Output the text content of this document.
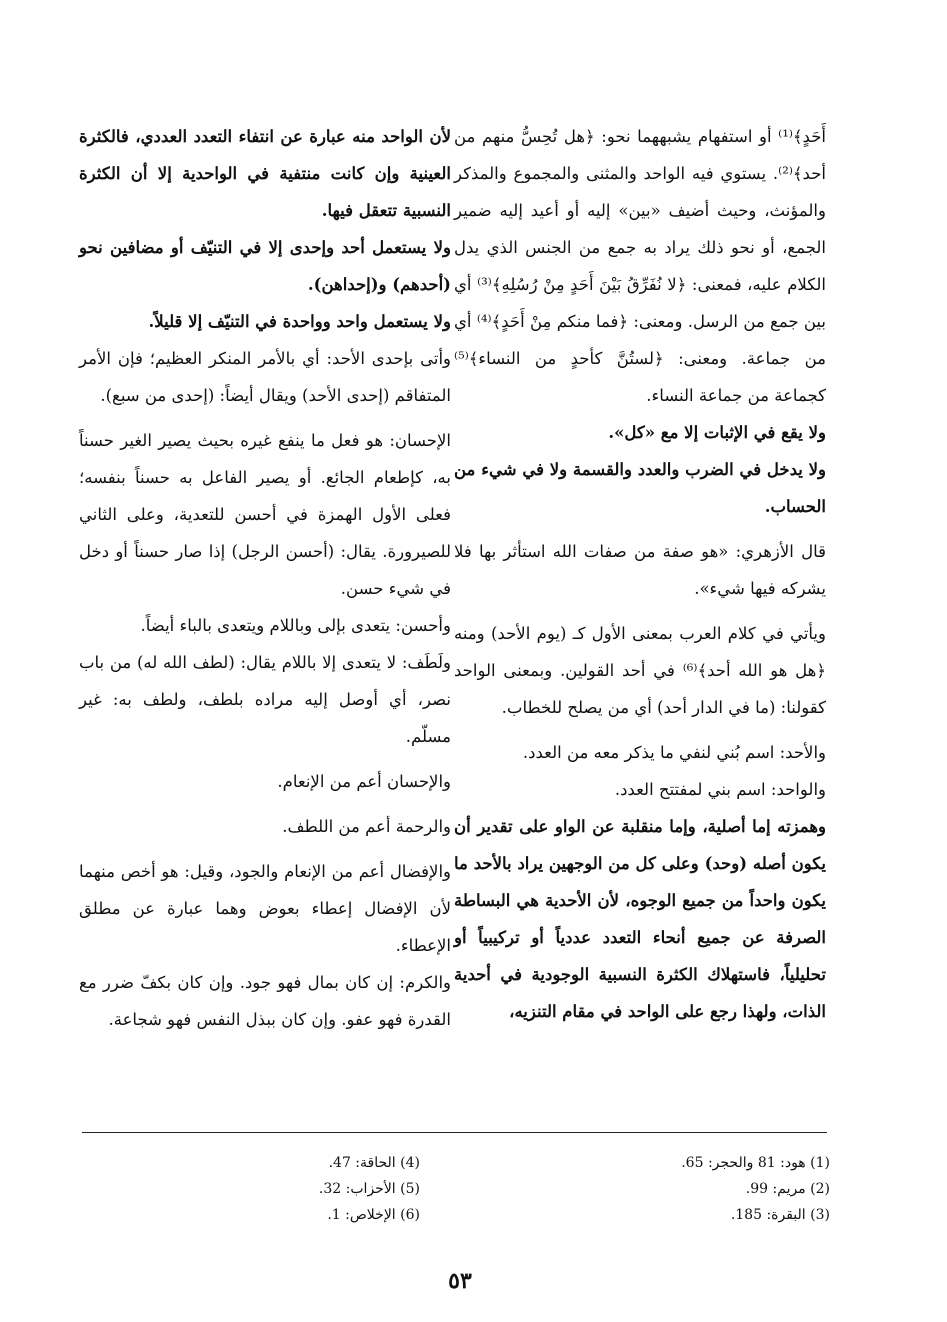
أَحَدٍ﴾⁽¹⁾ أو استفهام يشبههما نحو: ﴿هل تُحِسُّ منهم من أحد﴾⁽²⁾. يستوي فيه الواحد والمثنى والمجموع والمذكر والمؤنث، وحيث أضيف «بين» إليه أو أعيد إليه ضمير الجمع، أو نحو ذلك يراد به جمع من الجنس الذي يدل الكلام عليه، فمعنى: ﴿لا نُفَرِّقُ بَيْنَ أَحَدٍ مِنْ رُسُلِهِ﴾⁽³⁾ أي بين جمع من الرسل. ومعنى: ﴿فما منكم مِنْ أَحَدٍ﴾⁽⁴⁾ أي من جماعة. ومعنى: ﴿لستُنَّ كأحدٍ من النساء﴾⁽⁵⁾ كجماعة من جماعة النساء.

ولا يقع في الإثبات إلا مع «كل».

ولا يدخل في الضرب والعدد والقسمة ولا في شيء من الحساب.

قال الأزهري: «هو صفة من صفات الله استأثر بها فلا يشركه فيها شيء».

ويأتي في كلام العرب بمعنى الأول كـ (يوم الأحد) ومنه ﴿هل هو الله أحد﴾⁽⁶⁾ في أحد القولين. وبمعنى الواحد كقولنا: (ما في الدار أحد) أي من يصلح للخطاب.

والأحد: اسم بُني لنفي ما يذكر معه من العدد.

والواحد: اسم بني لمفتتح العدد.

وهمزته إما أصلية، وإما منقلبة عن الواو على تقدير أن يكون أصله (وحد) وعلى كل من الوجهين يراد بالأحد ما يكون واحداً من جميع الوجوه، لأن الأحدية هي البساطة الصرفة عن جميع أنحاء التعدد عددياً أو تركيبياً أو تحليلياً، فاستهلاك الكثرة النسبية الوجودية في أحدية الذات، ولهذا رجع على الواحد في مقام التنزيه،

لأن الواحد منه عبارة عن انتفاء التعدد العددي، فالكثرة العينية وإن كانت منتفية في الواحدية إلا أن الكثرة النسبية تتعقل فيها.

ولا يستعمل أحد وإحدى إلا في التنيّف أو مضافين نحو (أحدهم) و(إحداهن).

ولا يستعمل واحد وواحدة في التنيّف إلا قليلاً.

وأتى بإحدى الأحد: أي بالأمر المنكر العظيم؛ فإن الأمر المتفاقم (إحدى الأحد) ويقال أيضاً: (إحدى من سبع).

الإحسان: هو فعل ما ينفع غيره بحيث يصير الغير حسناً به، كإطعام الجائع. أو يصير الفاعل به حسناً بنفسه؛ فعلى الأول الهمزة في أحسن للتعدية، وعلى الثاني للصيرورة. يقال: (أحسن الرجل) إذا صار حسناً أو دخل في شيء حسن.

وأحسن: يتعدى بإلى وباللام ويتعدى بالباء أيضاً.

ولَطَف: لا يتعدى إلا باللام يقال: (لطف الله له) من باب نصر، أي أوصل إليه مراده بلطف، ولطف به: غير مسلّم.

والإحسان أعم من الإنعام.

والرحمة أعم من اللطف.

والإفضال أعم من الإنعام والجود، وقيل: هو أخص منهما لأن الإفضال إعطاء بعوض وهما عبارة عن مطلق الإعطاء.

والكرم: إن كان بمال فهو جود. وإن كان بكفّ ضرر مع القدرة فهو عفو. وإن كان ببذل النفس فهو شجاعة.

(1) هود: 81 والحجر: 65.

(2) مريم: 99.

(3) البقرة: 185.

(4) الحاقة: 47.

(5) الأحزاب: 32.

(6) الإخلاص: 1.

٥٣
